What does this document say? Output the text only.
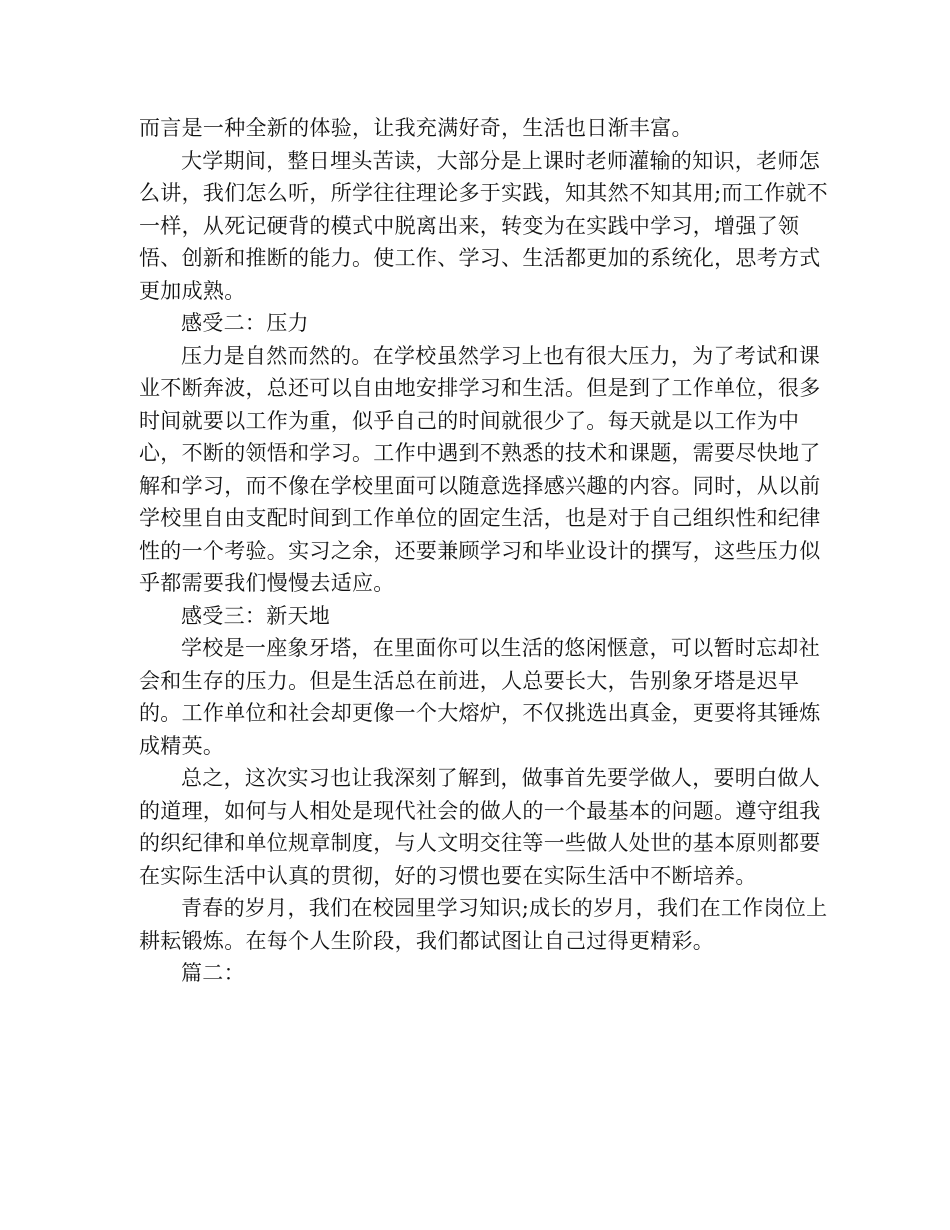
而言是一种全新的体验，让我充满好奇，生活也日渐丰富。

大学期间，整日埋头苦读，大部分是上课时老师灌输的知识，老师怎么讲，我们怎么听，所学往往理论多于实践，知其然不知其用;而工作就不一样，从死记硬背的模式中脱离出来，转变为在实践中学习，增强了领悟、创新和推断的能力。使工作、学习、生活都更加的系统化，思考方式更加成熟。

感受二：压力

压力是自然而然的。在学校虽然学习上也有很大压力，为了考试和课业不断奔波，总还可以自由地安排学习和生活。但是到了工作单位，很多时间就要以工作为重，似乎自己的时间就很少了。每天就是以工作为中心，不断的领悟和学习。工作中遇到不熟悉的技术和课题，需要尽快地了解和学习，而不像在学校里面可以随意选择感兴趣的内容。同时，从以前学校里自由支配时间到工作单位的固定生活，也是对于自己组织性和纪律性的一个考验。实习之余，还要兼顾学习和毕业设计的撰写，这些压力似乎都需要我们慢慢去适应。

感受三：新天地

学校是一座象牙塔，在里面你可以生活的悠闲惬意，可以暂时忘却社会和生存的压力。但是生活总在前进，人总要长大，告别象牙塔是迟早的。工作单位和社会却更像一个大熔炉，不仅挑选出真金，更要将其锤炼成精英。

总之，这次实习也让我深刻了解到，做事首先要学做人，要明白做人的道理，如何与人相处是现代社会的做人的一个最基本的问题。遵守组我的织纪律和单位规章制度，与人文明交往等一些做人处世的基本原则都要在实际生活中认真的贯彻，好的习惯也要在实际生活中不断培养。

青春的岁月，我们在校园里学习知识;成长的岁月，我们在工作岗位上耕耘锻炼。在每个人生阶段，我们都试图让自己过得更精彩。

篇二：
